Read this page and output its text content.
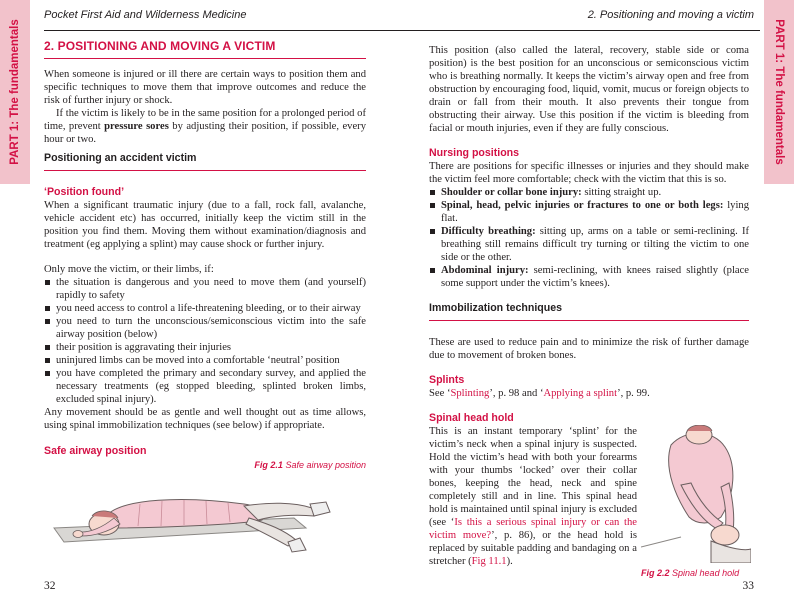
PART 1: The fundamentals
Pocket First Aid and Wilderness Medicine
2. POSITIONING AND MOVING A VICTIM

When someone is injured or ill there are certain ways to position them and specific techniques to move them that improve outcomes and reduce the risk of further injury or shock.

If the victim is likely to be in the same position for a prolonged period of time, prevent pressure sores by adjusting their position, if possible, every hour or two.

Positioning an accident victim
‘Position found’

When a significant traumatic injury (due to a fall, rock fall, avalanche, vehicle accident etc) has occurred, initially keep the victim still in the position you find them. Moving them without examination/diagnosis and treatment (eg applying a splint) may cause shock or further injury.

Only move the victim, or their limbs, if:

the situation is dangerous and you need to move them (and yourself) rapidly to safety
you need access to control a life-threatening bleeding, or to their airway
you need to turn the unconscious/semiconscious victim into the safe airway position (below)
their position is aggravating their injuries
uninjured limbs can be moved into a comfortable ‘neutral’ position
you have completed the primary and secondary survey, and applied the necessary treatments (eg stopped bleeding, splinted broken limbs, excluded spinal injury).

Any movement should be as gentle and well thought out as time allows, using spinal immobilization techniques (see below) if appropriate.

Safe airway position
Fig 2.1 Safe airway position
32
PART 1: The fundamentals
2. Positioning and moving a victim

This position (also called the lateral, recovery, stable side or coma position) is the best position for an unconscious or semiconscious victim who is breathing normally. It keeps the victim’s airway open and free from obstruction by encouraging food, liquid, vomit, mucus or foreign objects to drain or fall from their mouth. It also prevents their tongue from obstructing their airway. Use this position if the victim is bleeding from facial or mouth injuries, even if they are fully conscious.

Nursing positions

There are positions for specific illnesses or injuries and they should make the victim feel more comfortable; check with the victim that this is so.

Shoulder or collar bone injury: sitting straight up.
Spinal, head, pelvic injuries or fractures to one or both legs: lying flat.
Difficulty breathing: sitting up, arms on a table or semi-reclining. If breathing still remains difficult try turning or tilting the victim to one side or the other.
Abdominal injury: semi-reclining, with knees raised slightly (place some support under the victim’s knees).
Immobilization techniques

These are used to reduce pain and to minimize the risk of further damage due to movement of broken bones.

Splints

See ‘Splinting’, p. 98 and ‘Applying a splint’, p. 99.

Spinal head hold

This is an instant temporary ‘splint’ for the victim’s neck when a spinal injury is suspected. Hold the victim’s head with both your forearms with your thumbs ‘locked’ over their collar bones, keeping the head, neck and spine completely still and in line. This spinal head hold is maintained until spinal injury is excluded (see ‘Is this a serious spinal injury or can the victim move?’, p. 86), or the head hold is replaced by suitable padding and bandaging on a stretcher (Fig 11.1).

Fig 2.2 Spinal head hold
33
